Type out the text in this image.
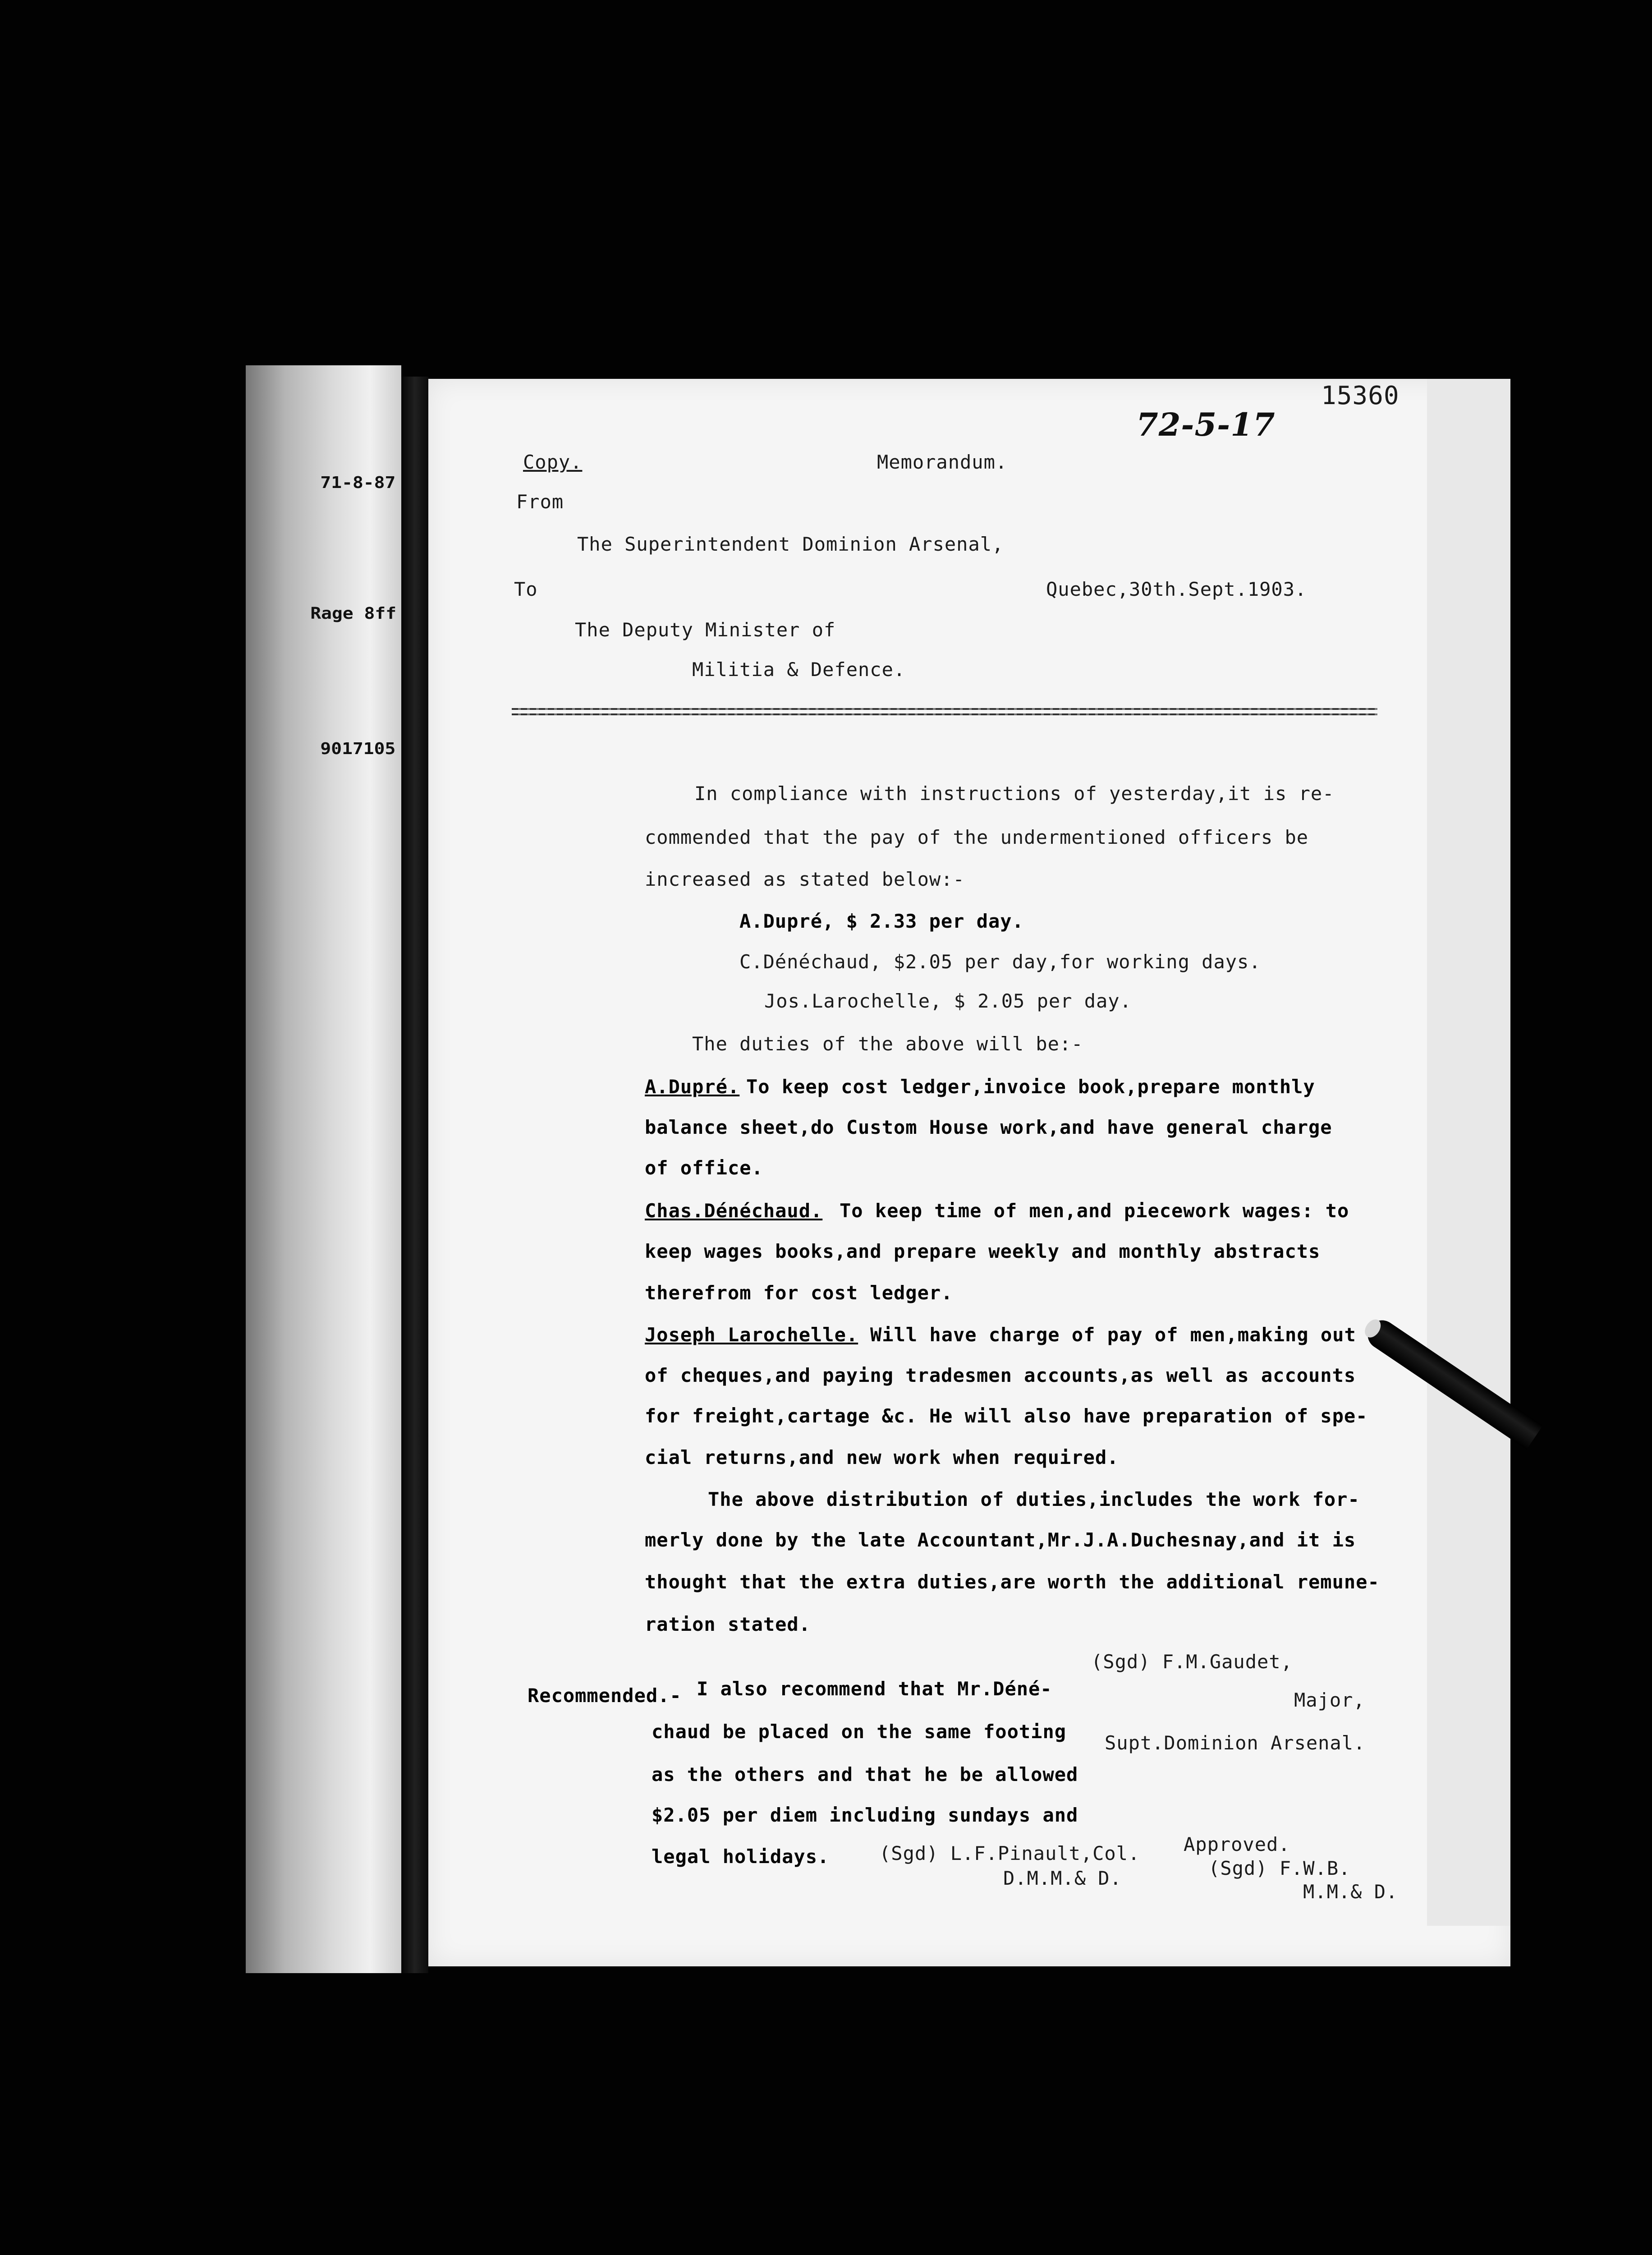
71-8-87
Rage 8ff
9017105
15360
72-5-17
Copy.	Memorandum.
From
The Superintendent Dominion Arsenal,
To	Quebec,30th.Sept.1903.
The Deputy Minister of
Militia & Defence.
In compliance with instructions of yesterday,it is re-
commended that the pay of the undermentioned officers be
increased as stated below:-
A.Dupré, $ 2.33 per day.
C.Dénéchaud, $2.05 per day,for working days.
Jos.Larochelle, $ 2.05 per day.
The duties of the above will be:-
A.Dupré. To keep cost ledger,invoice book,prepare monthly
balance sheet,do Custom House work,and have general charge
of office.
Chas.Dénéchaud. To keep time of men,and piecework wages: to
keep wages books,and prepare weekly and monthly abstracts
therefrom for cost ledger.
Joseph Larochelle. Will have charge of pay of men,making out
of cheques,and paying tradesmen accounts,as well as accounts
for freight,cartage &c. He will also have preparation of spe-
cial returns,and new work when required.
The above distribution of duties,includes the work for-
merly done by the late Accountant,Mr.J.A.Duchesnay,and it is
thought that the extra duties,are worth the additional remune-
ration stated.
(Sgd) F.M.Gaudet,
Major,
Supt.Dominion Arsenal.
Recommended.- I also recommend that Mr.Déné-
chaud be placed on the same footing
as the others and that he be allowed
$2.05 per diem including sundays and
legal holidays.	(Sgd) L.F.Pinault,Col.
D.M.M.& D.
Approved.
(Sgd) F.W.B.
M.M.& D.
